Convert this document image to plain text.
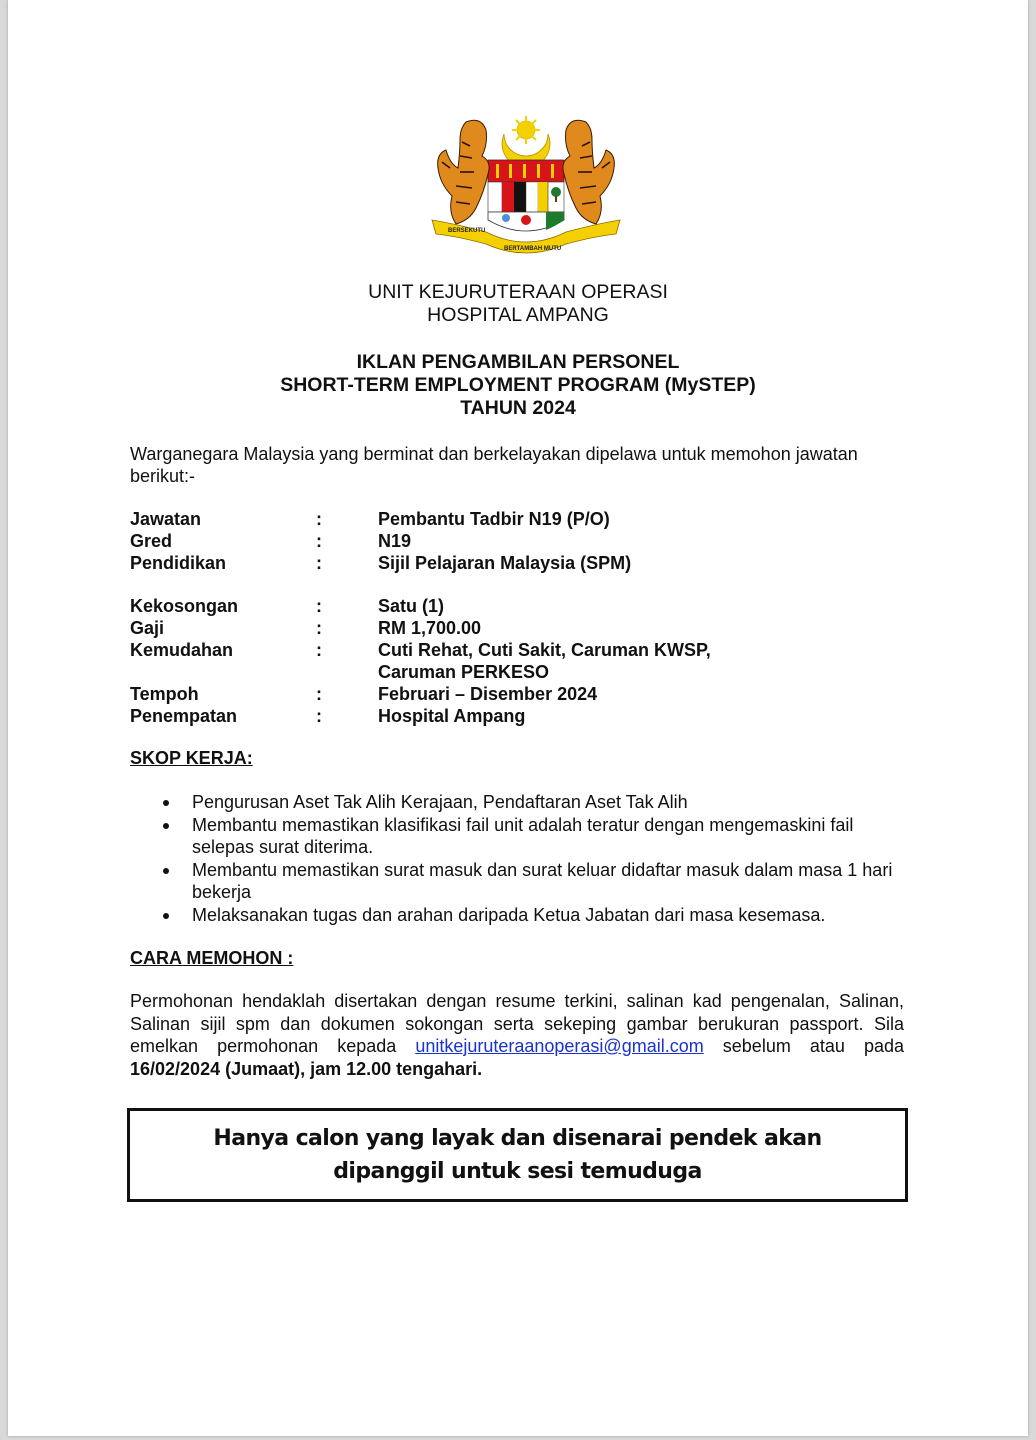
BERSEKUTU
BERTAMBAH MUTU
UNIT KEJURUTERAAN OPERASI
HOSPITAL AMPANG
IKLAN PENGAMBILAN PERSONEL
SHORT-TERM EMPLOYMENT PROGRAM (MySTEP)
TAHUN 2024
Warganegara Malaysia yang berminat dan berkelayakan dipelawa untuk memohon jawatan berikut:-
Jawatan	:	Pembantu Tadbir N19 (P/O)
Gred	:	N19
Pendidikan	:	Sijil Pelajaran Malaysia (SPM)
Kekosongan	:	Satu (1)
Gaji	:	RM 1,700.00
Kemudahan	:	Cuti Rehat, Cuti Sakit, Caruman KWSP,
Caruman PERKESO
Tempoh	:	Februari – Disember 2024
Penempatan	:	Hospital Ampang
SKOP KERJA:
Pengurusan Aset Tak Alih Kerajaan, Pendaftaran Aset Tak Alih
Membantu memastikan klasifikasi fail unit adalah teratur dengan mengemaskini fail selepas surat diterima.
Membantu memastikan surat masuk dan surat keluar didaftar masuk dalam masa 1 hari bekerja
Melaksanakan tugas dan arahan daripada Ketua Jabatan dari masa kesemasa.
CARA MEMOHON :
Permohonan hendaklah disertakan dengan resume terkini, salinan kad pengenalan, Salinan, Salinan sijil spm dan dokumen sokongan serta sekeping gambar berukuran passport. Sila emelkan permohonan kepada unitkejuruteraanoperasi@gmail.com sebelum atau pada 16/02/2024 (Jumaat), jam 12.00 tengahari.
Hanya calon yang layak dan disenarai pendek akan dipanggil untuk sesi temuduga
